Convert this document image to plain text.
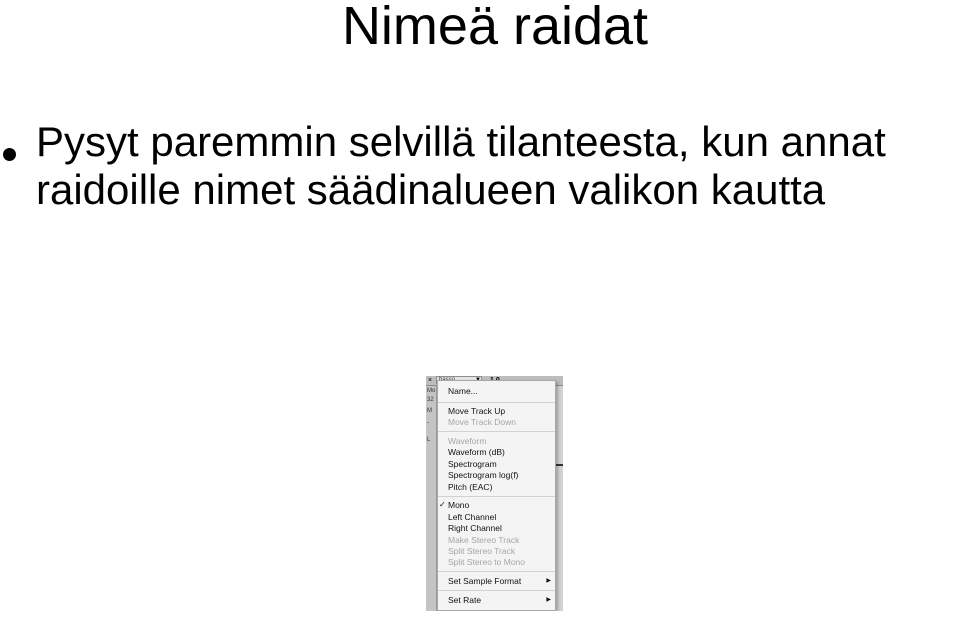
Nimeä raidat
Pysyt paremmin selvillä tilanteesta, kun annat
raidoille nimet säädinalueen valikon kautta
×
Mo
32
M
-
L
Name...
Move Track Up
Move Track Down
Waveform
Waveform (dB)
Spectrogram
Spectrogram log(f)
Pitch (EAC)
✓ Mono
Left Channel
Right Channel
Make Stereo Track
Split Stereo Track
Split Stereo to Mono
Set Sample Format	▶
Set Rate	▶
